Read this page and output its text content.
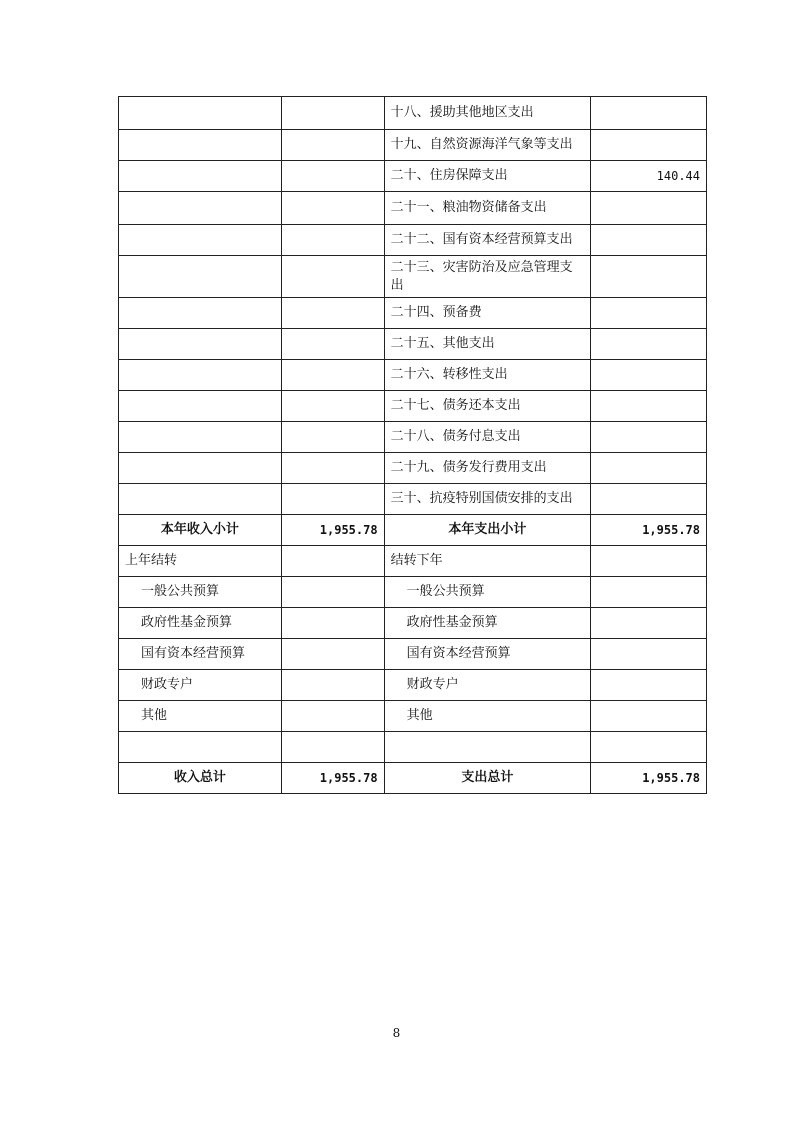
		十八、援助其他地区支出	
		十九、自然资源海洋气象等支出	
		二十、住房保障支出	140.44
		二十一、粮油物资储备支出	
		二十二、国有资本经营预算支出	
		二十三、灾害防治及应急管理支出	
		二十四、预备费	
		二十五、其他支出	
		二十六、转移性支出	
		二十七、债务还本支出	
		二十八、债务付息支出	
		二十九、债务发行费用支出	
		三十、抗疫特别国债安排的支出	
本年收入小计	1,955.78	本年支出小计	1,955.78
上年结转		结转下年	
一般公共预算		一般公共预算	
政府性基金预算		政府性基金预算	
国有资本经营预算		国有资本经营预算	
财政专户		财政专户	
其他		其他	

收入总计	1,955.78	支出总计	1,955.78
8
